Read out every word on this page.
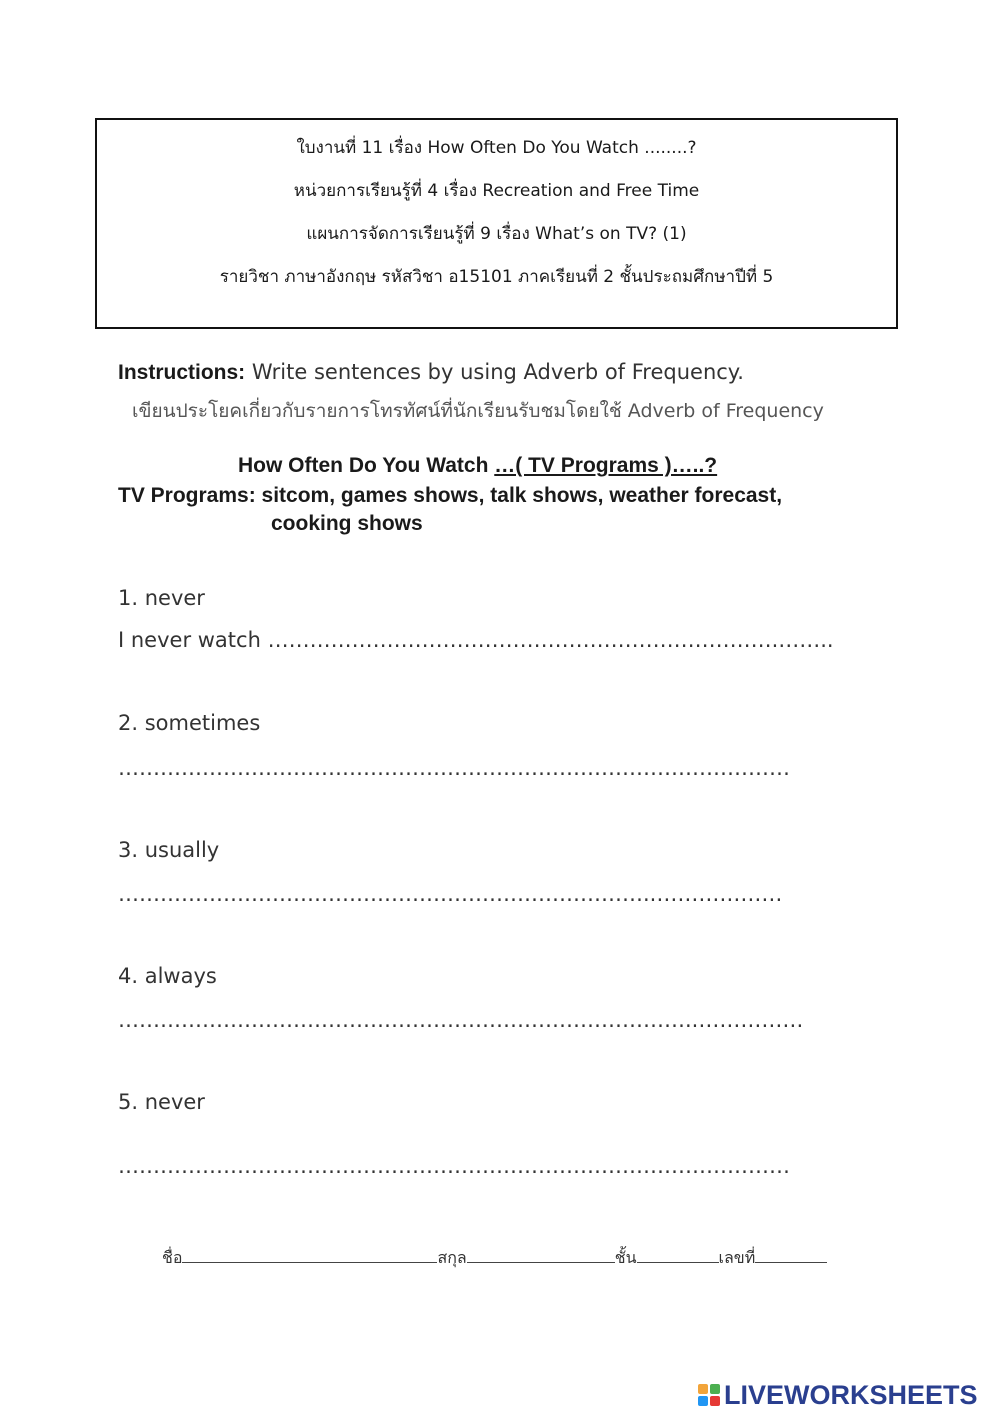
ใบงานที่ 11 เรื่อง How Often Do You Watch ........?
หน่วยการเรียนรู้ที่ 4 เรื่อง Recreation and Free Time
แผนการจัดการเรียนรู้ที่ 9 เรื่อง What’s on TV? (1)
รายวิชา ภาษาอังกฤษ รหัสวิชา อ15101 ภาคเรียนที่ 2 ชั้นประถมศึกษาปีที่ 5
Instructions: Write sentences by using Adverb of Frequency.
เขียนประโยคเกี่ยวกับรายการโทรทัศน์ที่นักเรียนรับชมโดยใช้ Adverb of Frequency
How Often Do You Watch …( TV Programs )…..?
TV Programs: sitcom, games shows, talk shows, weather forecast,
cooking shows
1. never
I never watch ……………………………………………………………….……..
2. sometimes
……………………………………………………………………………………
3. usually
…………………………………………………………………..………………
4. always
………………………………………………………………………..……………
5. never
……………………………………………………………………………………
ชื่อ	สกุล	ชั้น	เลขที่
LIVEWORKSHEETS
